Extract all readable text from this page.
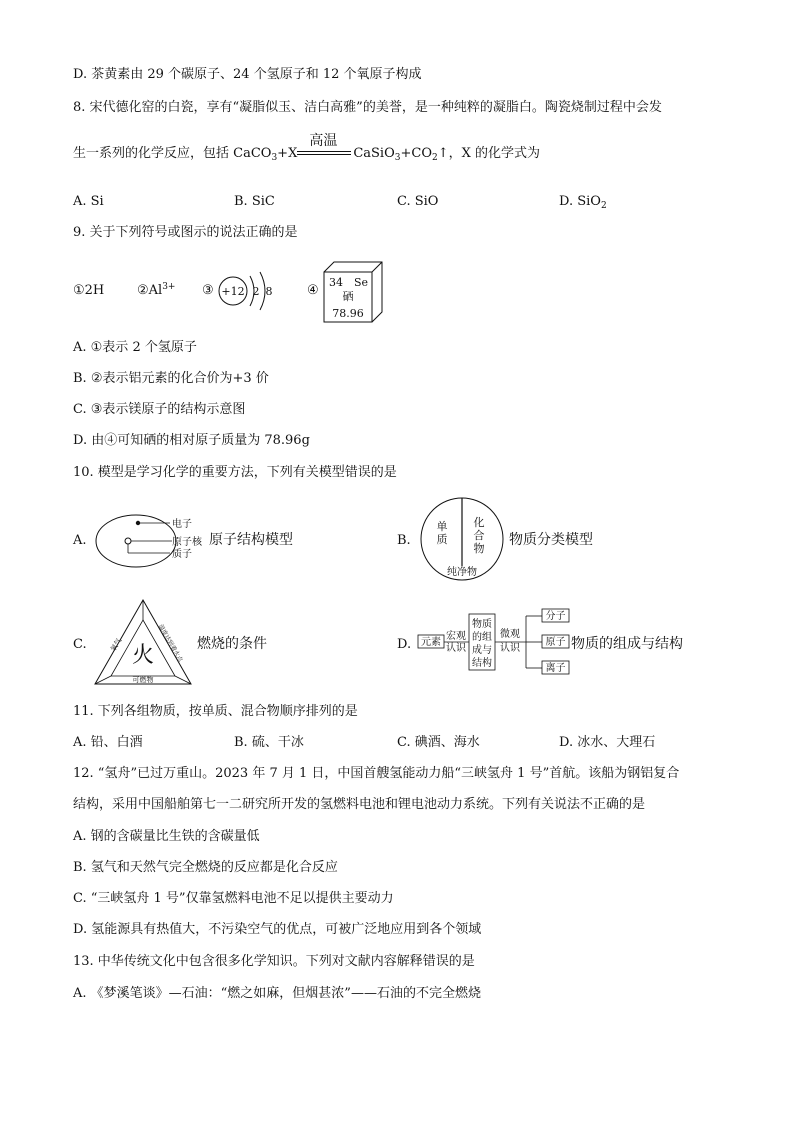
D. 茶黄素由 29 个碳原子、24 个氢原子和 12 个氧原子构成
8. 宋代德化窑的白瓷，享有“凝脂似玉、洁白高雅”的美誉，是一种纯粹的凝脂白。陶瓷烧制过程中会发
生一系列的化学反应，包括 CaCO$_3$+X
高温
$CaSiO_3+CO_2↑$，X 的化学式为
A. Si	B. SiC	C. SiO	D. SiO$_2$
9. 关于下列符号或图示的说法正确的是
①2H	$②Al^{3+}$ ③ +12 2 8	④
34 Se
硒
78.96
A. ①表示 2 个氢原子
B. ②表示铝元素的化合价为+3 价
C. ③表示镁原子的结构示意图
D. 由④可知硒的相对原子质量为 78.96g
10. 模型是学习化学的重要方法，下列有关模型错误的是
A.
电子
原子核
质子
原子结构模型	B.
单
质
化
合
物
纯净物
物质分类模型
C. 火
氧气	温度达到着火点
可燃物
燃烧的条件	D. 元素
宏观
认识
物质
的组
成与
结构
微观
认识
分子
原子
离子
物质的组成与结构
11. 下列各组物质，按单质、混合物顺序排列的是
A. 铅、白酒	B. 硫、干冰	C. 碘酒、海水	D. 冰水、大理石
12. “氢舟”已过万重山。2023 年 7 月 1 日，中国首艘氢能动力船“三峡氢舟 1 号”首航。该船为钢铝复合
结构，采用中国船舶第七一二研究所开发的氢燃料电池和锂电池动力系统。下列有关说法不正确的是
A. 钢的含碳量比生铁的含碳量低
B. 氢气和天然气完全燃烧的反应都是化合反应
C. “三峡氢舟 1 号”仅靠氢燃料电池不足以提供主要动力
D. 氢能源具有热值大，不污染空气的优点，可被广泛地应用到各个领域
13. 中华传统文化中包含很多化学知识。下列对文献内容解释错误的是
A. 《梦溪笔谈》—石油：“燃之如麻，但烟甚浓”——石油的不完全燃烧
